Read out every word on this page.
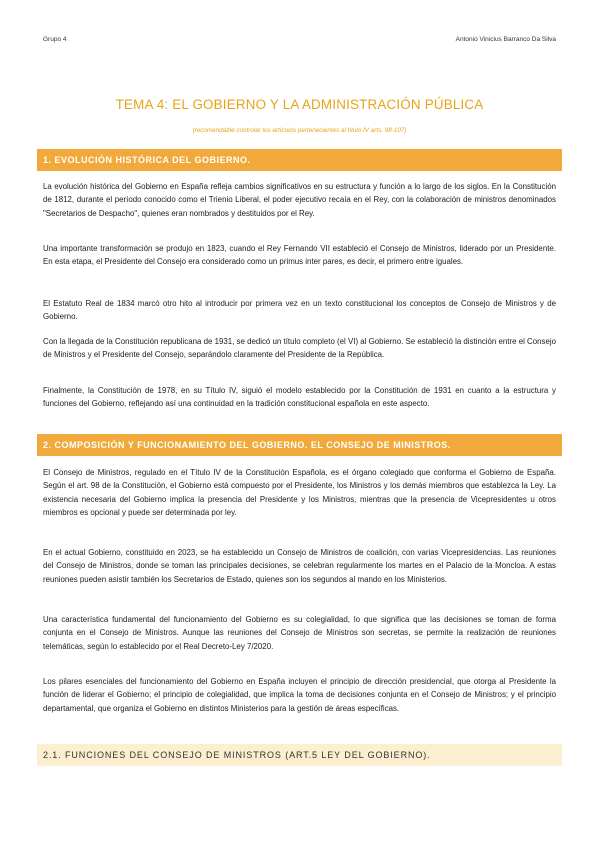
Grupo 4	Antonio Vinicius Barranco Da Silva
TEMA 4: EL GOBIERNO Y LA ADMINISTRACIÓN PÚBLICA
(recomendable controlar los artículos pertenecientes al título IV arts. 98-107)
1. EVOLUCIÓN HISTÓRICA DEL GOBIERNO.

La evolución histórica del Gobierno en España refleja cambios significativos en su estructura y función a lo largo de los siglos. En la Constitución de 1812, durante el período conocido como el Trienio Liberal, el poder ejecutivo recaía en el Rey, con la colaboración de ministros denominados "Secretarios de Despacho", quienes eran nombrados y destituidos por el Rey.

Una importante transformación se produjo en 1823, cuando el Rey Fernando VII estableció el Consejo de Ministros, liderado por un Presidente. En esta etapa, el Presidente del Consejo era considerado como un primus inter pares, es decir, el primero entre iguales.

El Estatuto Real de 1834 marcó otro hito al introducir por primera vez en un texto constitucional los conceptos de Consejo de Ministros y de Gobierno.

Con la llegada de la Constitución republicana de 1931, se dedicó un título completo (el VI) al Gobierno. Se estableció la distinción entre el Consejo de Ministros y el Presidente del Consejo, separándolo claramente del Presidente de la República.

Finalmente, la Constitución de 1978, en su Título IV, siguió el modelo establecido por la Constitución de 1931 en cuanto a la estructura y funciones del Gobierno, reflejando así una continuidad en la tradición constitucional española en este aspecto.

2. COMPOSICIÓN Y FUNCIONAMIENTO DEL GOBIERNO. EL CONSEJO DE MINISTROS.

El Consejo de Ministros, regulado en el Título IV de la Constitución Española, es el órgano colegiado que conforma el Gobierno de España. Según el art. 98 de la Constitución, el Gobierno está compuesto por el Presidente, los Ministros y los demás miembros que establezca la Ley. La existencia necesaria del Gobierno implica la presencia del Presidente y los Ministros, mientras que la presencia de Vicepresidentes u otros miembros es opcional y puede ser determinada por ley.

En el actual Gobierno, constituido en 2023, se ha establecido un Consejo de Ministros de coalición, con varias Vicepresidencias. Las reuniones del Consejo de Ministros, donde se toman las principales decisiones, se celebran regularmente los martes en el Palacio de la Moncloa. A estas reuniones pueden asistir también los Secretarios de Estado, quienes son los segundos al mando en los Ministerios.

Una característica fundamental del funcionamiento del Gobierno es su colegialidad, lo que significa que las decisiones se toman de forma conjunta en el Consejo de Ministros. Aunque las reuniones del Consejo de Ministros son secretas, se permite la realización de reuniones telemáticas, según lo establecido por el Real Decreto-Ley 7/2020.

Los pilares esenciales del funcionamiento del Gobierno en España incluyen el principio de dirección presidencial, que otorga al Presidente la función de liderar el Gobierno; el principio de colegialidad, que implica la toma de decisiones conjunta en el Consejo de Ministros; y el principio departamental, que organiza el Gobierno en distintos Ministerios para la gestión de áreas específicas.

2.1. FUNCIONES DEL CONSEJO DE MINISTROS (ART.5 LEY DEL GOBIERNO).
